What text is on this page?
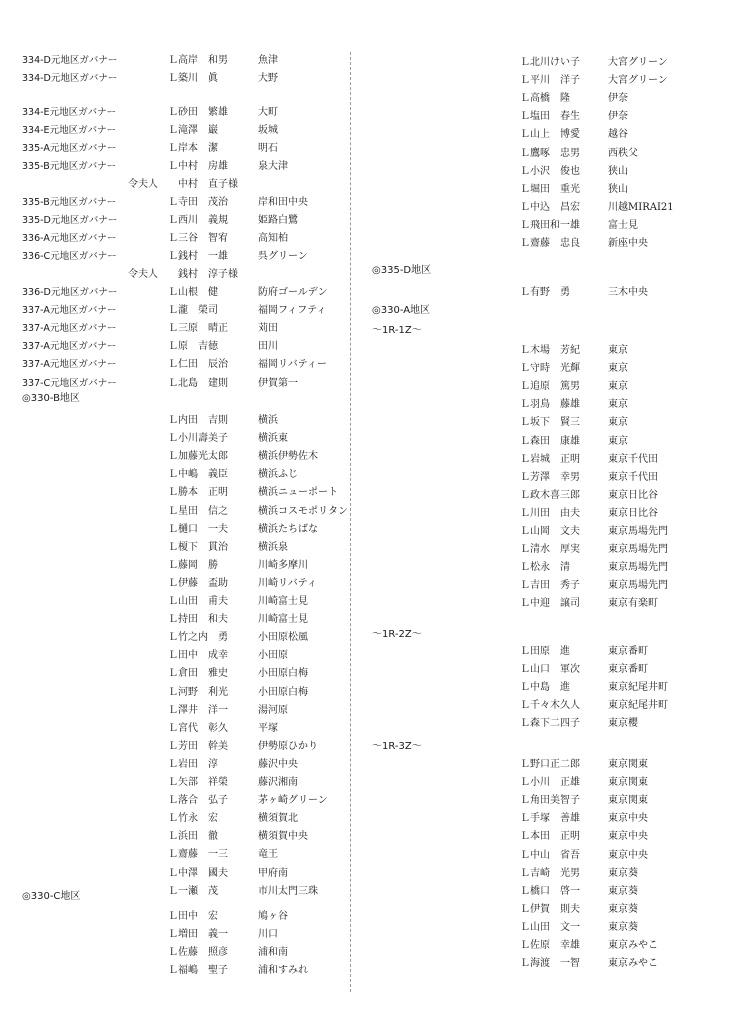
334-D元地区ガバナー	Ｌ高岸　和男	魚津
334-D元地区ガバナー	Ｌ築川　眞	大野
334-E元地区ガバナー	Ｌ砂田　繁雄	大町
334-E元地区ガバナー	Ｌ滝澤　巌	坂城
335-A元地区ガバナー	Ｌ岸本　潔	明石
335-B元地区ガバナー	Ｌ中村　房雄	泉大津
令夫人 中村　直子様
335-B元地区ガバナー	Ｌ寺田　茂治	岸和田中央
335-D元地区ガバナー	Ｌ西川　義規	姫路白鷺
336-A元地区ガバナー	Ｌ三谷　智宥	高知柏
336-C元地区ガバナー	Ｌ銭村　一雄	呉グリーン
令夫人 銭村　淳子様
336-D元地区ガバナー	Ｌ山根　健	防府ゴールデン
337-A元地区ガバナー	Ｌ瀧　榮司	福岡フィフティ
337-A元地区ガバナー	Ｌ三原　晴正	苅田
337-A元地区ガバナー	Ｌ原　吉徳	田川
337-A元地区ガバナー	Ｌ仁田　辰治	福岡リバティー
337-C元地区ガバナー	Ｌ北島　建則	伊賀第一
◎330-B地区
Ｌ内田　吉則	横浜
Ｌ小川壽美子	横浜東
Ｌ加藤光太郎	横浜伊勢佐木
Ｌ中嶋　義臣	横浜ふじ
Ｌ勝本　正明	横浜ニューポート
Ｌ星田　信之	横浜コスモポリタン
Ｌ樋口　一夫	横浜たちばな
Ｌ榎下　貫治	横浜泉
Ｌ藤岡　勝	川崎多摩川
Ｌ伊藤　盃助	川崎リバティ
Ｌ山田　甫夫	川崎富士見
Ｌ持田　和夫	川崎富士見
Ｌ竹之内　勇	小田原松風
Ｌ田中　成幸	小田原
Ｌ倉田　雅史	小田原白梅
Ｌ河野　利光	小田原白梅
Ｌ澤井　洋一	湯河原
Ｌ宮代　彰久	平塚
Ｌ芳田　幹美	伊勢原ひかり
Ｌ岩田　淳	藤沢中央
Ｌ矢部　祥榮	藤沢湘南
Ｌ落合　弘子	茅ヶ崎グリーン
Ｌ竹永　宏	横須賀北
Ｌ浜田　徹	横須賀中央
Ｌ齋藤　一三	竜王
Ｌ中澤　國夫	甲府南
Ｌ一瀬　茂	市川太門三珠
◎330-C地区
Ｌ田中　宏	鳩ヶ谷
Ｌ増田　義一	川口
Ｌ佐藤　照彦	浦和南
Ｌ福嶋　聖子	浦和すみれ
Ｌ北川けい子	大宮グリーン
Ｌ平川　洋子	大宮グリーン
Ｌ高橋　隆	伊奈
Ｌ塩田　春生	伊奈
Ｌ山上　博愛	越谷
Ｌ鷹啄　忠男	西秩父
Ｌ小沢　俊也	狭山
Ｌ堀田　重光	狭山
Ｌ中込　昌宏	川越MIRAI21
Ｌ飛田和一雄	富士見
Ｌ齋藤　忠良	新座中央
◎335-D地区
Ｌ有野　勇	三木中央
◎330-A地区
～1R-1Z～
Ｌ木場　芳紀	東京
Ｌ守時　光輝	東京
Ｌ追原　篤男	東京
Ｌ羽鳥　藤雄	東京
Ｌ坂下　賢三	東京
Ｌ森田　康雄	東京
Ｌ岩城　正明	東京千代田
Ｌ芳澤　幸男	東京千代田
Ｌ政木喜三郎	東京日比谷
Ｌ川田　由夫	東京日比谷
Ｌ山岡　文夫	東京馬場先門
Ｌ清水　厚実	東京馬場先門
Ｌ松永　清	東京馬場先門
Ｌ吉田　秀子	東京馬場先門
Ｌ中迎　譲司	東京有楽町
～1R-2Z～
Ｌ田原　進	東京番町
Ｌ山口　軍次	東京番町
Ｌ中島　進	東京紀尾井町
Ｌ千々木久人	東京紀尾井町
Ｌ森下二四子	東京櫻
～1R-3Z～
Ｌ野口正二郎	東京関東
Ｌ小川　正雄	東京関東
Ｌ角田美智子	東京関東
Ｌ手塚　善雄	東京中央
Ｌ本田　正明	東京中央
Ｌ中山　省吾	東京中央
Ｌ吉崎　光男	東京葵
Ｌ橋口　啓一	東京葵
Ｌ伊賀　則夫	東京葵
Ｌ山田　文一	東京葵
Ｌ佐原　幸雄	東京みやこ
Ｌ海渡　一智	東京みやこ
